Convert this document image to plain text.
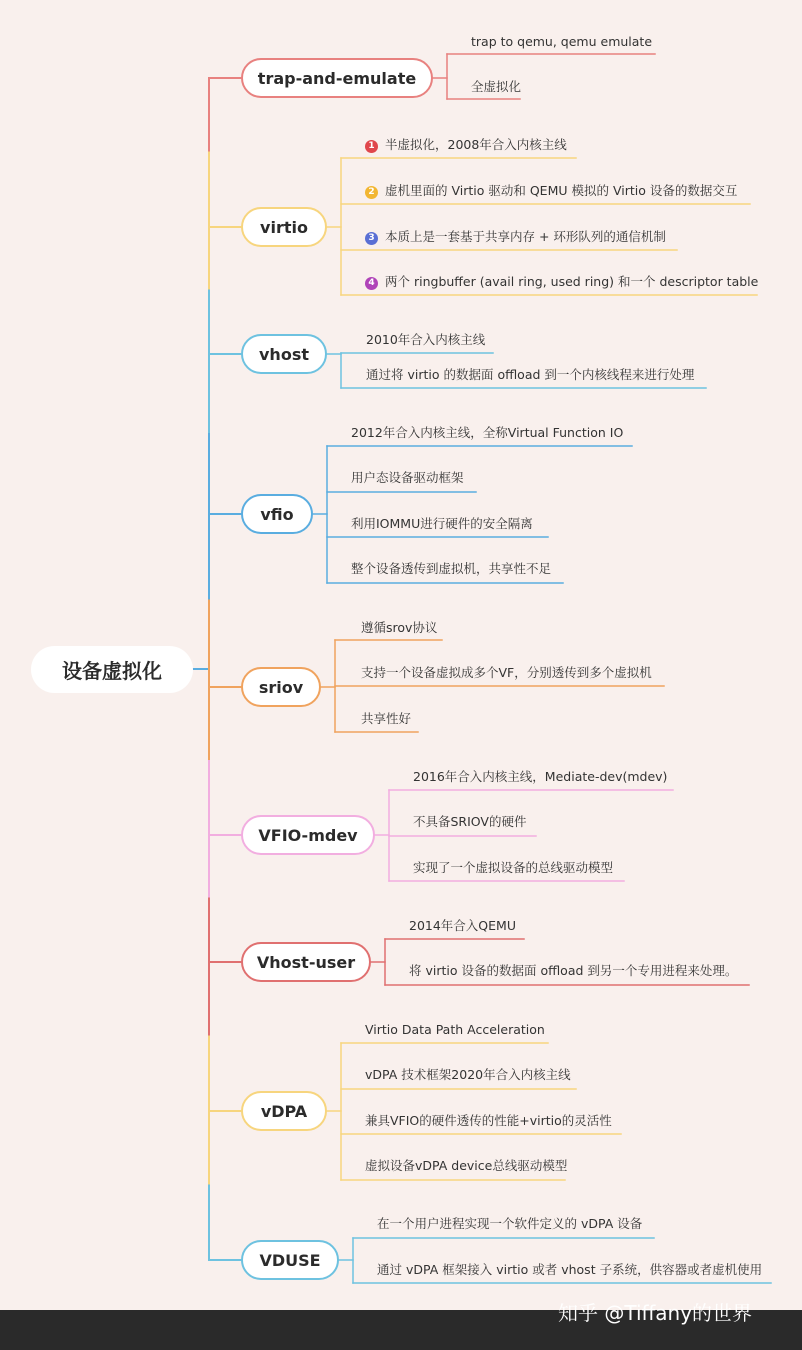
设备虚拟化
trap-and-emulate
trap to qemu, qemu emulate
全虚拟化
virtio
1 半虚拟化，2008年合入内核主线
2 虚机里面的 Virtio 驱动和 QEMU 模拟的 Virtio 设备的数据交互
3 本质上是一套基于共享内存 + 环形队列的通信机制
4 两个 ringbuffer (avail ring, used ring) 和一个 descriptor table
vhost
2010年合入内核主线
通过将 virtio 的数据面 offload 到一个内核线程来进行处理
vfio
2012年合入内核主线，全称Virtual Function IO
用户态设备驱动框架
利用IOMMU进行硬件的安全隔离
整个设备透传到虚拟机，共享性不足
sriov
遵循srov协议
支持一个设备虚拟成多个VF，分别透传到多个虚拟机
共享性好
VFIO-mdev
2016年合入内核主线，Mediate-dev(mdev)
不具备SRIOV的硬件
实现了一个虚拟设备的总线驱动模型
Vhost-user
2014年合入QEMU
将 virtio 设备的数据面 offload 到另一个专用进程来处理。
vDPA
Virtio Data Path Acceleration
vDPA 技术框架2020年合入内核主线
兼具VFIO的硬件透传的性能+virtio的灵活性
虚拟设备vDPA device总线驱动模型
VDUSE
在一个用户进程实现一个软件定义的 vDPA 设备
通过 vDPA 框架接入 virtio 或者 vhost 子系统，供容器或者虚机使用
知乎 @Tiffany的世界
